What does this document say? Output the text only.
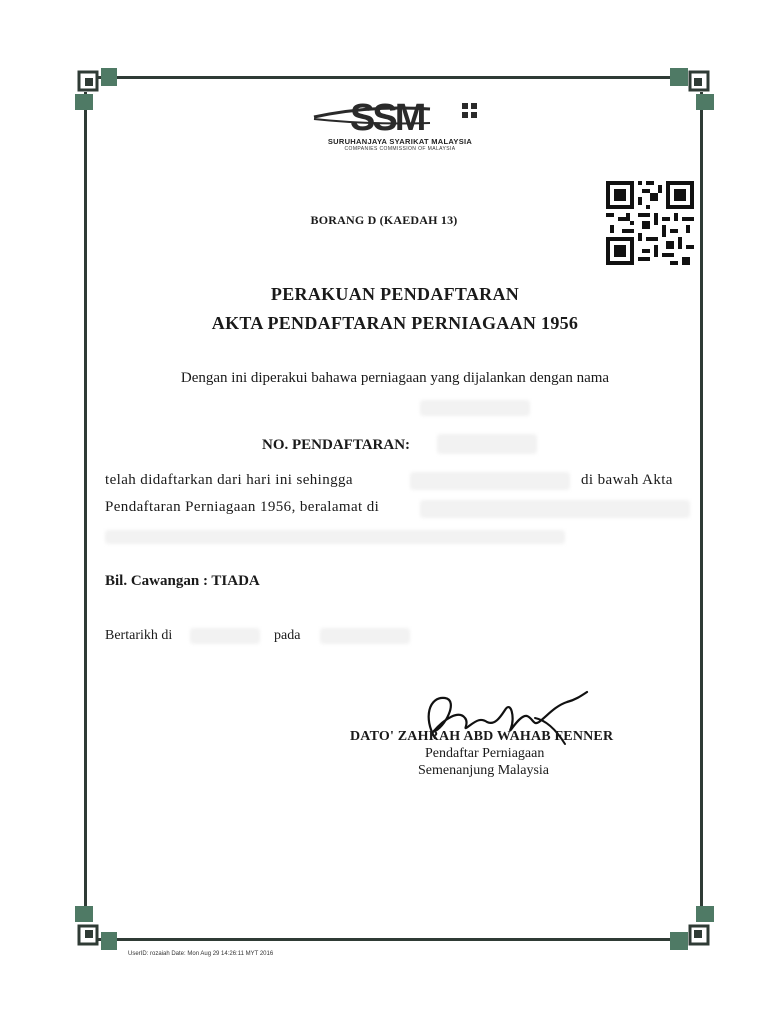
SSM
SURUHANJAYA SYARIKAT MALAYSIA
COMPANIES COMMISSION OF MALAYSIA
BORANG D (KAEDAH 13)
PERAKUAN PENDAFTARAN
AKTA PENDAFTARAN PERNIAGAAN 1956
Dengan ini diperakui bahawa perniagaan yang dijalankan dengan nama
NO. PENDAFTARAN:
telah didaftarkan dari hari ini sehingga	di bawah Akta
Pendaftaran Perniagaan 1956, beralamat di
Bil. Cawangan : TIADA
Bertarikh di	pada
DATO' ZAHRAH ABD WAHAB FENNER
Pendaftar Perniagaan
Semenanjung Malaysia
UserID: rozaiah Date: Mon Aug 29 14:26:11 MYT 2016
